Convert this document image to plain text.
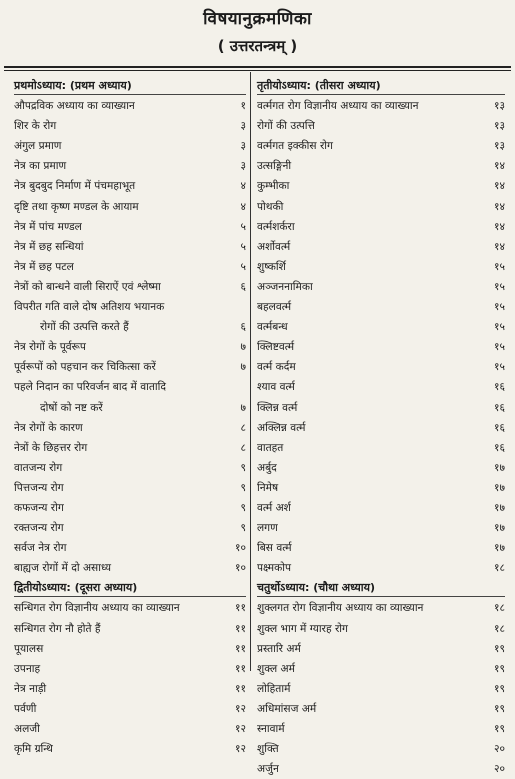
विषयानुक्रमणिका
( उत्तरतन्त्रम् )
प्रथमोऽध्याय: (प्रथम अध्याय)
औपद्रविक अध्याय का व्याख्यान	१
शिर के रोग	३
अंगुल प्रमाण	३
नेत्र का प्रमाण	३
नेत्र बुदबुद निर्माण में पंचमहाभूत	४
दृष्टि तथा कृष्ण मण्डल के आयाम	४
नेत्र में पांच मण्डल	५
नेत्र में छह सन्धियां	५
नेत्र में छह पटल	५
नेत्रों को बान्धने वाली सिराऐं एवं श्लेष्मा	६
विपरीत गति वाले दोष अतिशय भयानक
रोगों की उत्पत्ति करते हैं	६
नेत्र रोगों के पूर्वरूप	७
पूर्वरूपों को पहचान कर चिकित्सा करें	७
पहले निदान का परिवर्जन बाद में वातादि
दोषों को नष्ट करें	७
नेत्र रोगों के कारण	८
नेत्रों के छिहत्तर रोग	८
वातजन्य रोग	९
पित्तजन्य रोग	९
कफजन्य रोग	९
रक्तजन्य रोग	९
सर्वज नेत्र रोग	१०
बाह्यज रोगों में दो असाध्य	१०
द्वितीयोऽध्याय: (दूसरा अध्याय)
सन्धिगत रोग विज्ञानीय अध्याय का व्याख्यान	११
सन्धिगत रोग नौ होते हैं	११
पूयालस	११
उपनाह	११
नेत्र नाड़ी	११
पर्वणी	१२
अलजी	१२
कृमि ग्रन्थि	१२
तृतीयोऽध्याय: (तीसरा अध्याय)
वर्त्मगत रोग विज्ञानीय अध्याय का व्याख्यान	१३
रोगों की उत्पत्ति	१३
वर्त्मगत इक्कीस रोग	१३
उत्सङ्गिनी	१४
कुम्भीका	१४
पोथकी	१४
वर्त्मशर्करा	१४
अर्शोवर्त्म	१४
शुष्कर्शि	१५
अञ्जननामिका	१५
बहलवर्त्म	१५
वर्त्मबन्ध	१५
क्लिष्टवर्त्म	१५
वर्त्म कर्दम	१५
श्याव वर्त्म	१६
क्लिन्न वर्त्म	१६
अक्लिन्न वर्त्म	१६
वातहत	१६
अर्बुद	१७
निमेष	१७
वर्त्म अर्श	१७
लगण	१७
बिस वर्त्म	१७
पक्ष्मकोप	१८
चतुर्थोऽध्याय: (चौथा अध्याय)
शुक्लगत रोग विज्ञानीय अध्याय का व्याख्यान	१८
शुक्ल भाग में ग्यारह रोग	१८
प्रस्तारि अर्म	१९
शुक्ल अर्म	१९
लोहितार्म	१९
अधिमांसज अर्म	१९
स्नावार्म	१९
शुक्ति	२०
अर्जुन	२०
